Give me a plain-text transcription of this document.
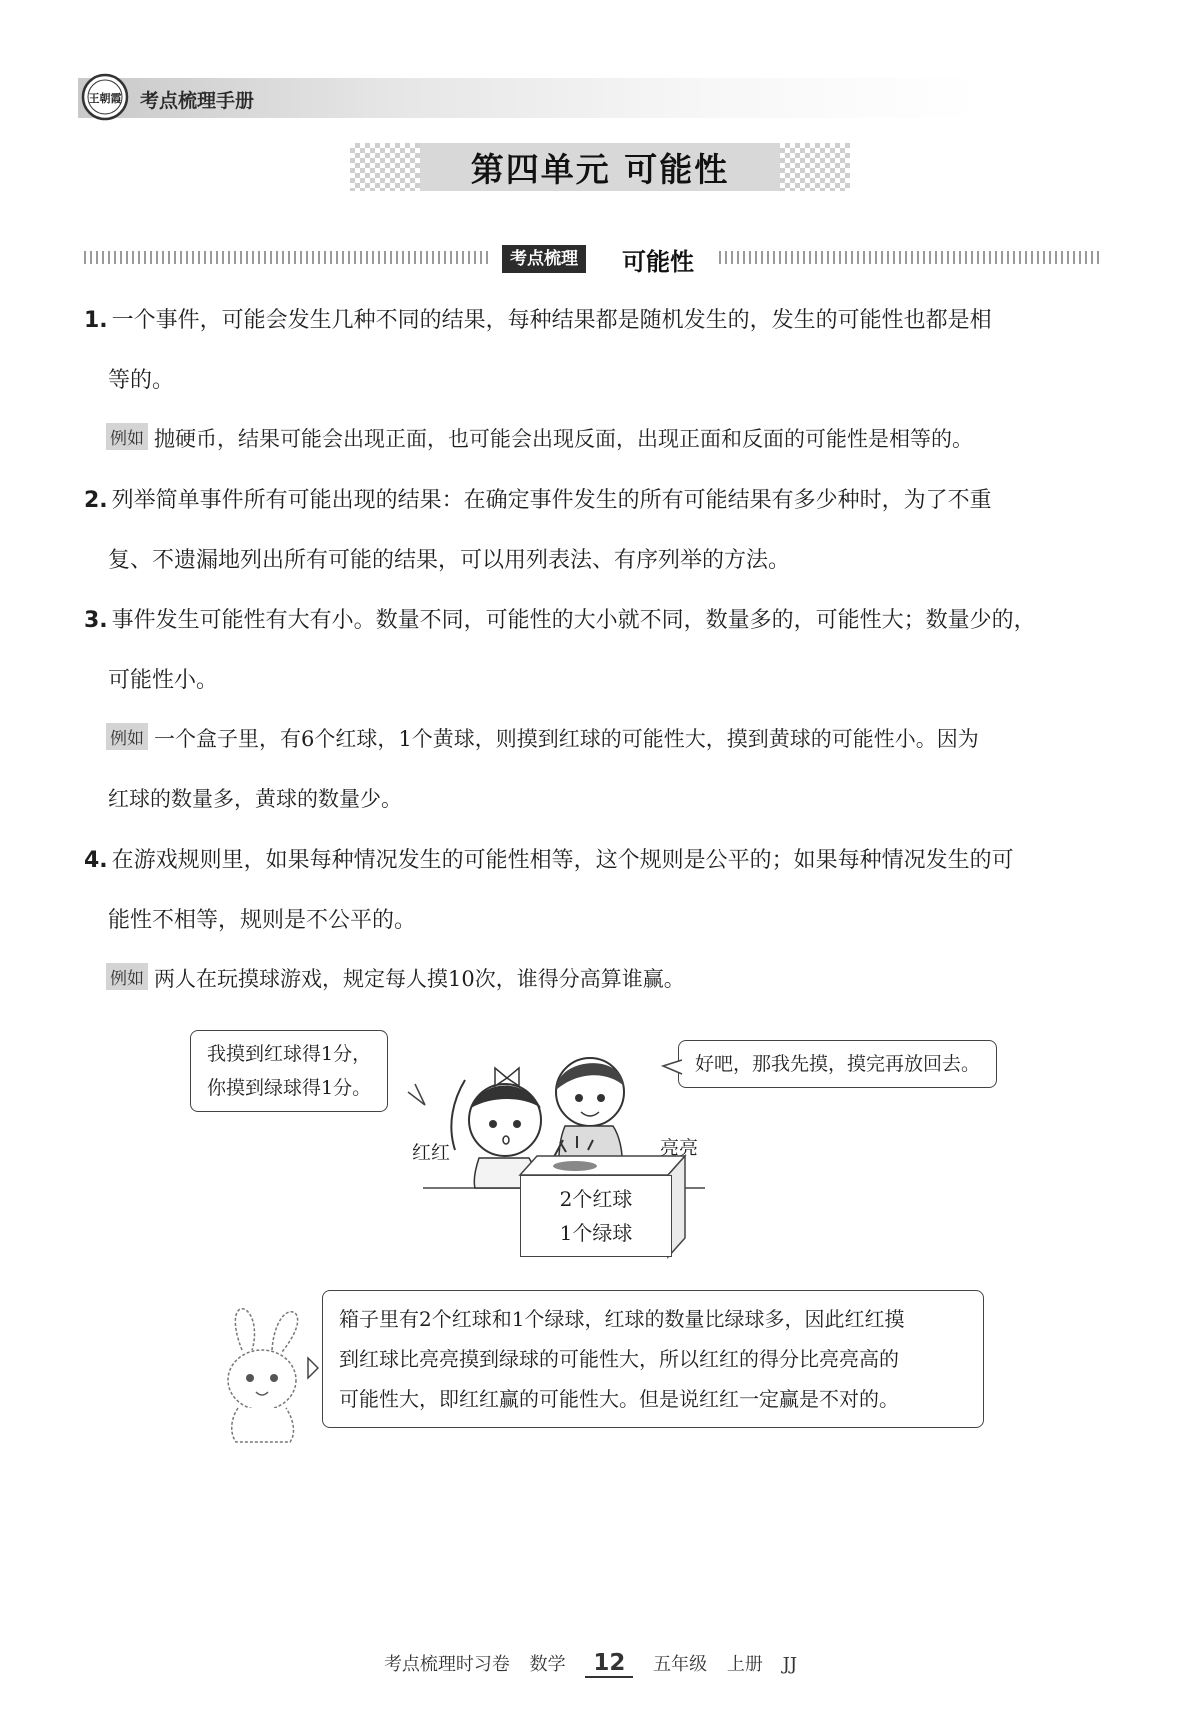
王朝霞 考点梳理手册
第四单元 可能性
考点梳理	可能性
1. 一个事件，可能会发生几种不同的结果，每种结果都是随机发生的，发生的可能性也都是相
等的。
例如 抛硬币，结果可能会出现正面，也可能会出现反面，出现正面和反面的可能性是相等的。
2. 列举简单事件所有可能出现的结果：在确定事件发生的所有可能结果有多少种时，为了不重
复、不遗漏地列出所有可能的结果，可以用列表法、有序列举的方法。
3. 事件发生可能性有大有小。数量不同，可能性的大小就不同，数量多的，可能性大；数量少的，
可能性小。
例如 一个盒子里，有6个红球，1个黄球，则摸到红球的可能性大，摸到黄球的可能性小。因为
红球的数量多，黄球的数量少。
4. 在游戏规则里，如果每种情况发生的可能性相等，这个规则是公平的；如果每种情况发生的可
能性不相等，规则是不公平的。
例如 两人在玩摸球游戏，规定每人摸10次，谁得分高算谁赢。
我摸到红球得1分，
你摸到绿球得1分。
好吧，那我先摸，摸完再放回去。
红红	亮亮
2个红球
1个绿球
箱子里有2个红球和1个绿球，红球的数量比绿球多，因此红红摸
到红球比亮亮摸到绿球的可能性大，所以红红的得分比亮亮高的
可能性大，即红红赢的可能性大。但是说红红一定赢是不对的。
考点梳理时习卷 数学 12 五年级 上册 JJ
